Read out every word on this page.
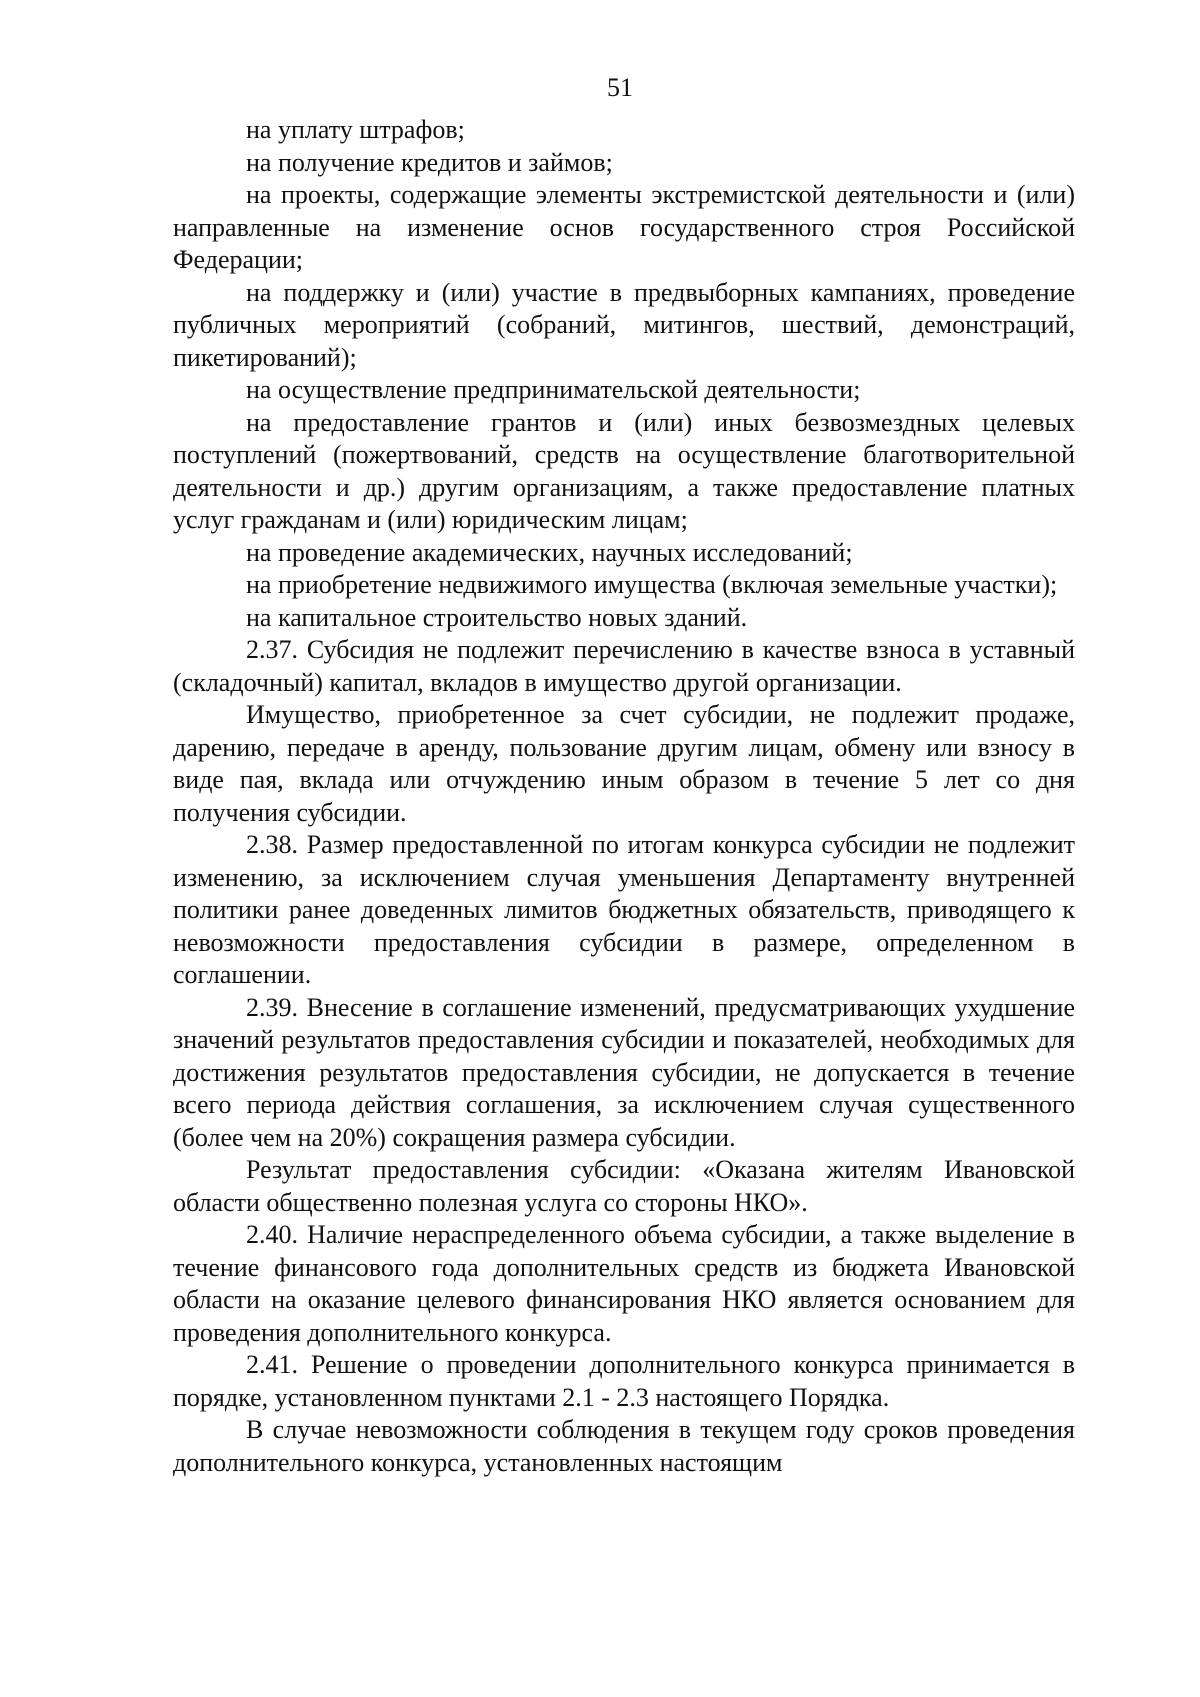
51

на уплату штрафов;

на получение кредитов и займов;

на проекты, содержащие элементы экстремистской деятельности и (или) направленные на изменение основ государственного строя Российской Федерации;

на поддержку и (или) участие в предвыборных кампаниях, проведение публичных мероприятий (собраний, митингов, шествий, демонстраций, пикетирований);

на осуществление предпринимательской деятельности;

на предоставление грантов и (или) иных безвозмездных целевых поступлений (пожертвований, средств на осуществление благотворительной деятельности и др.) другим организациям, а также предоставление платных услуг гражданам и (или) юридическим лицам;

на проведение академических, научных исследований;

на приобретение недвижимого имущества (включая земельные участки);

на капитальное строительство новых зданий.

2.37. Субсидия не подлежит перечислению в качестве взноса в уставный (складочный) капитал, вкладов в имущество другой организации.

Имущество, приобретенное за счет субсидии, не подлежит продаже, дарению, передаче в аренду, пользование другим лицам, обмену или взносу в виде пая, вклада или отчуждению иным образом в течение 5 лет со дня получения субсидии.

2.38. Размер предоставленной по итогам конкурса субсидии не подлежит изменению, за исключением случая уменьшения Департаменту внутренней политики ранее доведенных лимитов бюджетных обязательств, приводящего к невозможности предоставления субсидии в размере, определенном в соглашении.

2.39. Внесение в соглашение изменений, предусматривающих ухудшение значений результатов предоставления субсидии и показателей, необходимых для достижения результатов предоставления субсидии, не допускается в течение всего периода действия соглашения, за исключением случая существенного (более чем на 20%) сокращения размера субсидии.

Результат предоставления субсидии: «Оказана жителям Ивановской области общественно полезная услуга со стороны НКО».

2.40. Наличие нераспределенного объема субсидии, а также выделение в течение финансового года дополнительных средств из бюджета Ивановской области на оказание целевого финансирования НКО является основанием для проведения дополнительного конкурса.

2.41. Решение о проведении дополнительного конкурса принимается в порядке, установленном пунктами 2.1 - 2.3 настоящего Порядка.

В случае невозможности соблюдения в текущем году сроков проведения дополнительного конкурса, установленных настоящим
